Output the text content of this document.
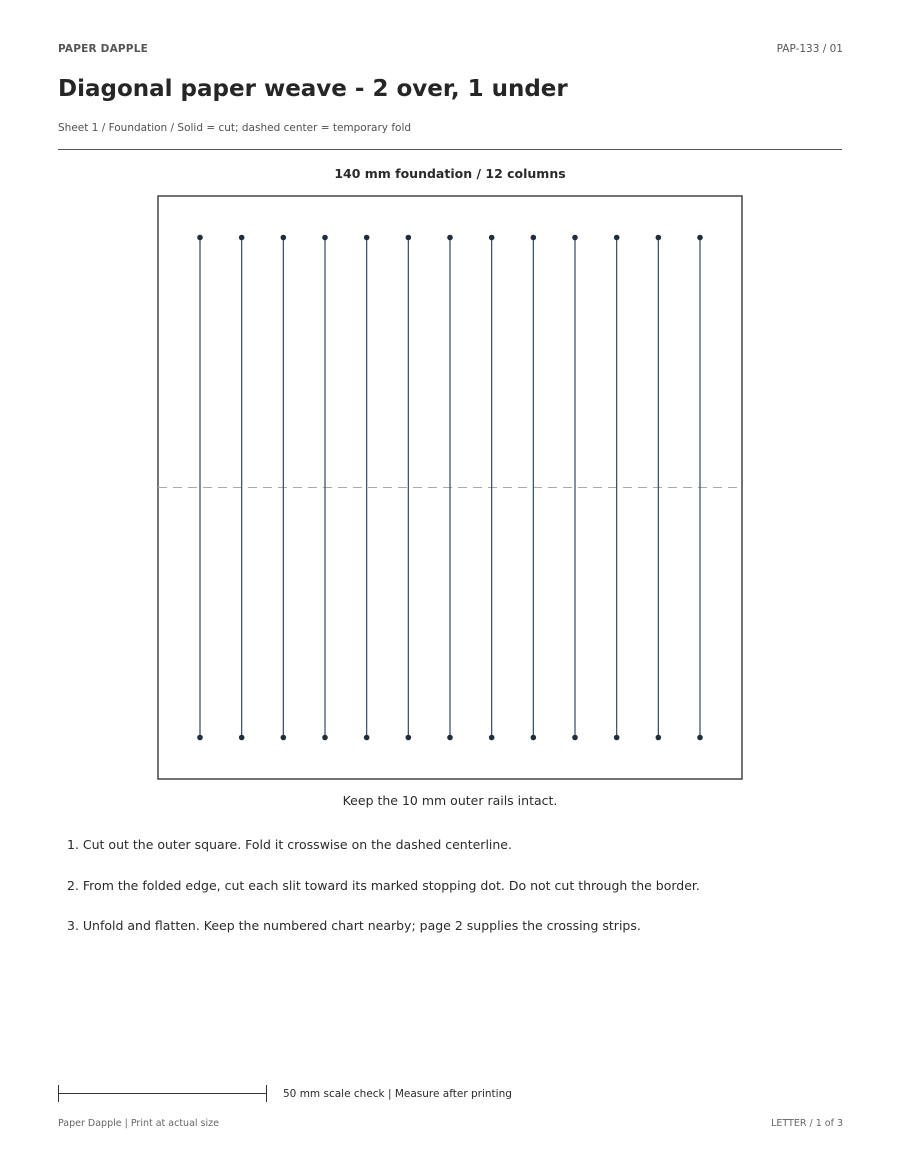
PAPER DAPPLE	PAP-133 / 01
Diagonal paper weave - 2 over, 1 under
Sheet 1 / Foundation / Solid = cut; dashed center = temporary fold
140 mm foundation / 12 columns
Keep the 10 mm outer rails intact.
1. Cut out the outer square. Fold it crosswise on the dashed centerline.
2. From the folded edge, cut each slit toward its marked stopping dot. Do not cut through the border.
3. Unfold and flatten. Keep the numbered chart nearby; page 2 supplies the crossing strips.
50 mm scale check | Measure after printing
Paper Dapple | Print at actual size	LETTER / 1 of 3
